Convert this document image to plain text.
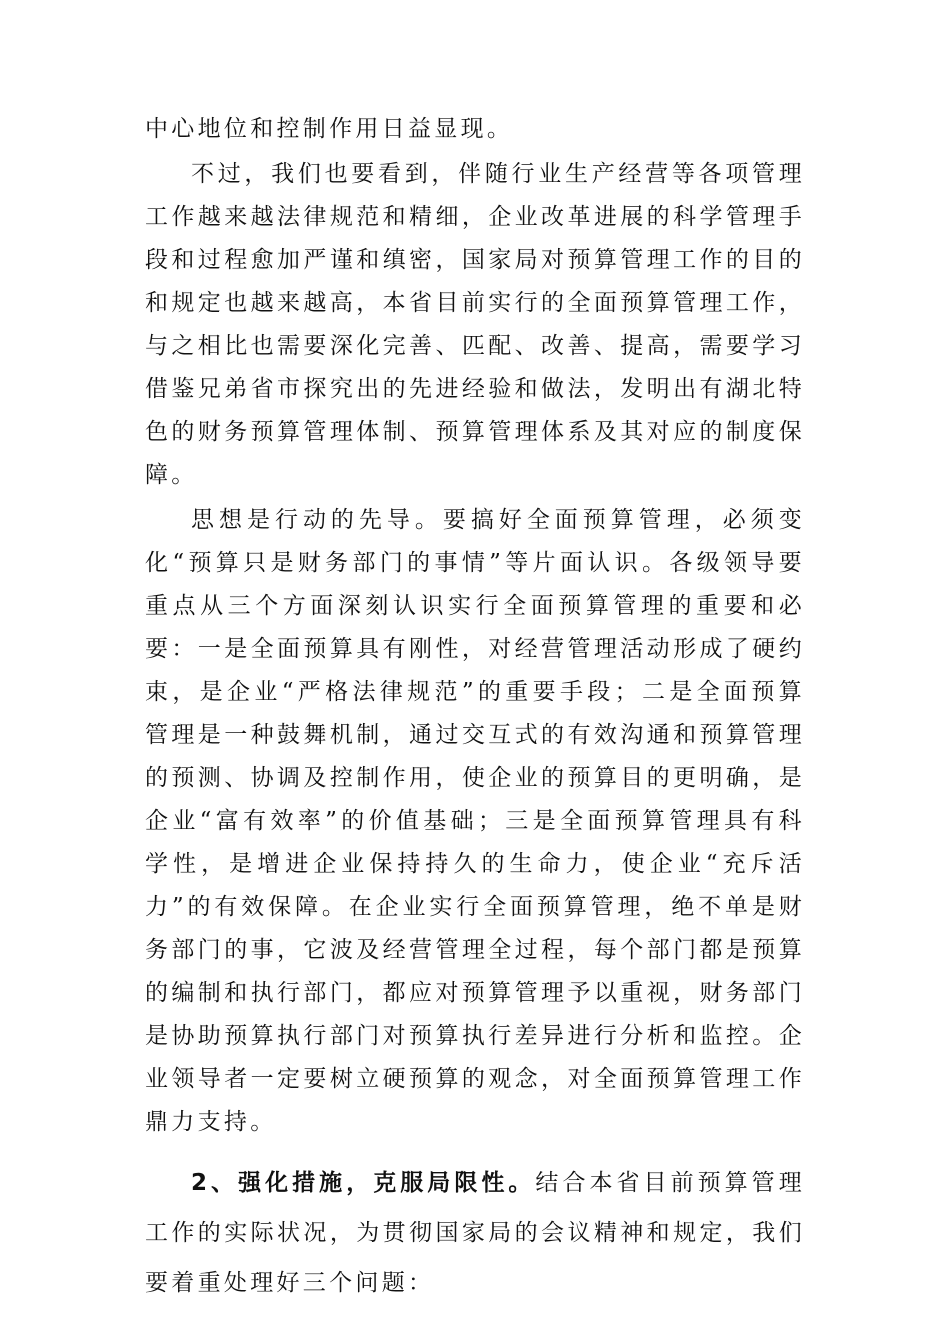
中心地位和控制作用日益显现。

不过，我们也要看到，伴随行业生产经营等各项管理工作越来越法律规范和精细，企业改革进展的科学管理手段和过程愈加严谨和缜密，国家局对预算管理工作的目的和规定也越来越高，本省目前实行的全面预算管理工作，与之相比也需要深化完善、匹配、改善、提高，需要学习借鉴兄弟省市探究出的先进经验和做法，发明出有湖北特色的财务预算管理体制、预算管理体系及其对应的制度保障。

思想是行动的先导。要搞好全面预算管理，必须变化“预算只是财务部门的事情”等片面认识。各级领导要重点从三个方面深刻认识实行全面预算管理的重要和必要：一是全面预算具有刚性，对经营管理活动形成了硬约束，是企业“严格法律规范”的重要手段；二是全面预算管理是一种鼓舞机制，通过交互式的有效沟通和预算管理的预测、协调及控制作用，使企业的预算目的更明确，是企业“富有效率”的价值基础；三是全面预算管理具有科学性，是增进企业保持持久的生命力，使企业“充斥活力”的有效保障。在企业实行全面预算管理，绝不单是财务部门的事，它波及经营管理全过程，每个部门都是预算的编制和执行部门，都应对预算管理予以重视，财务部门是协助预算执行部门对预算执行差异进行分析和监控。企业领导者一定要树立硬预算的观念，对全面预算管理工作鼎力支持。

2、强化措施，克服局限性。结合本省目前预算管理工作的实际状况，为贯彻国家局的会议精神和规定，我们要着重处理好三个问题：
